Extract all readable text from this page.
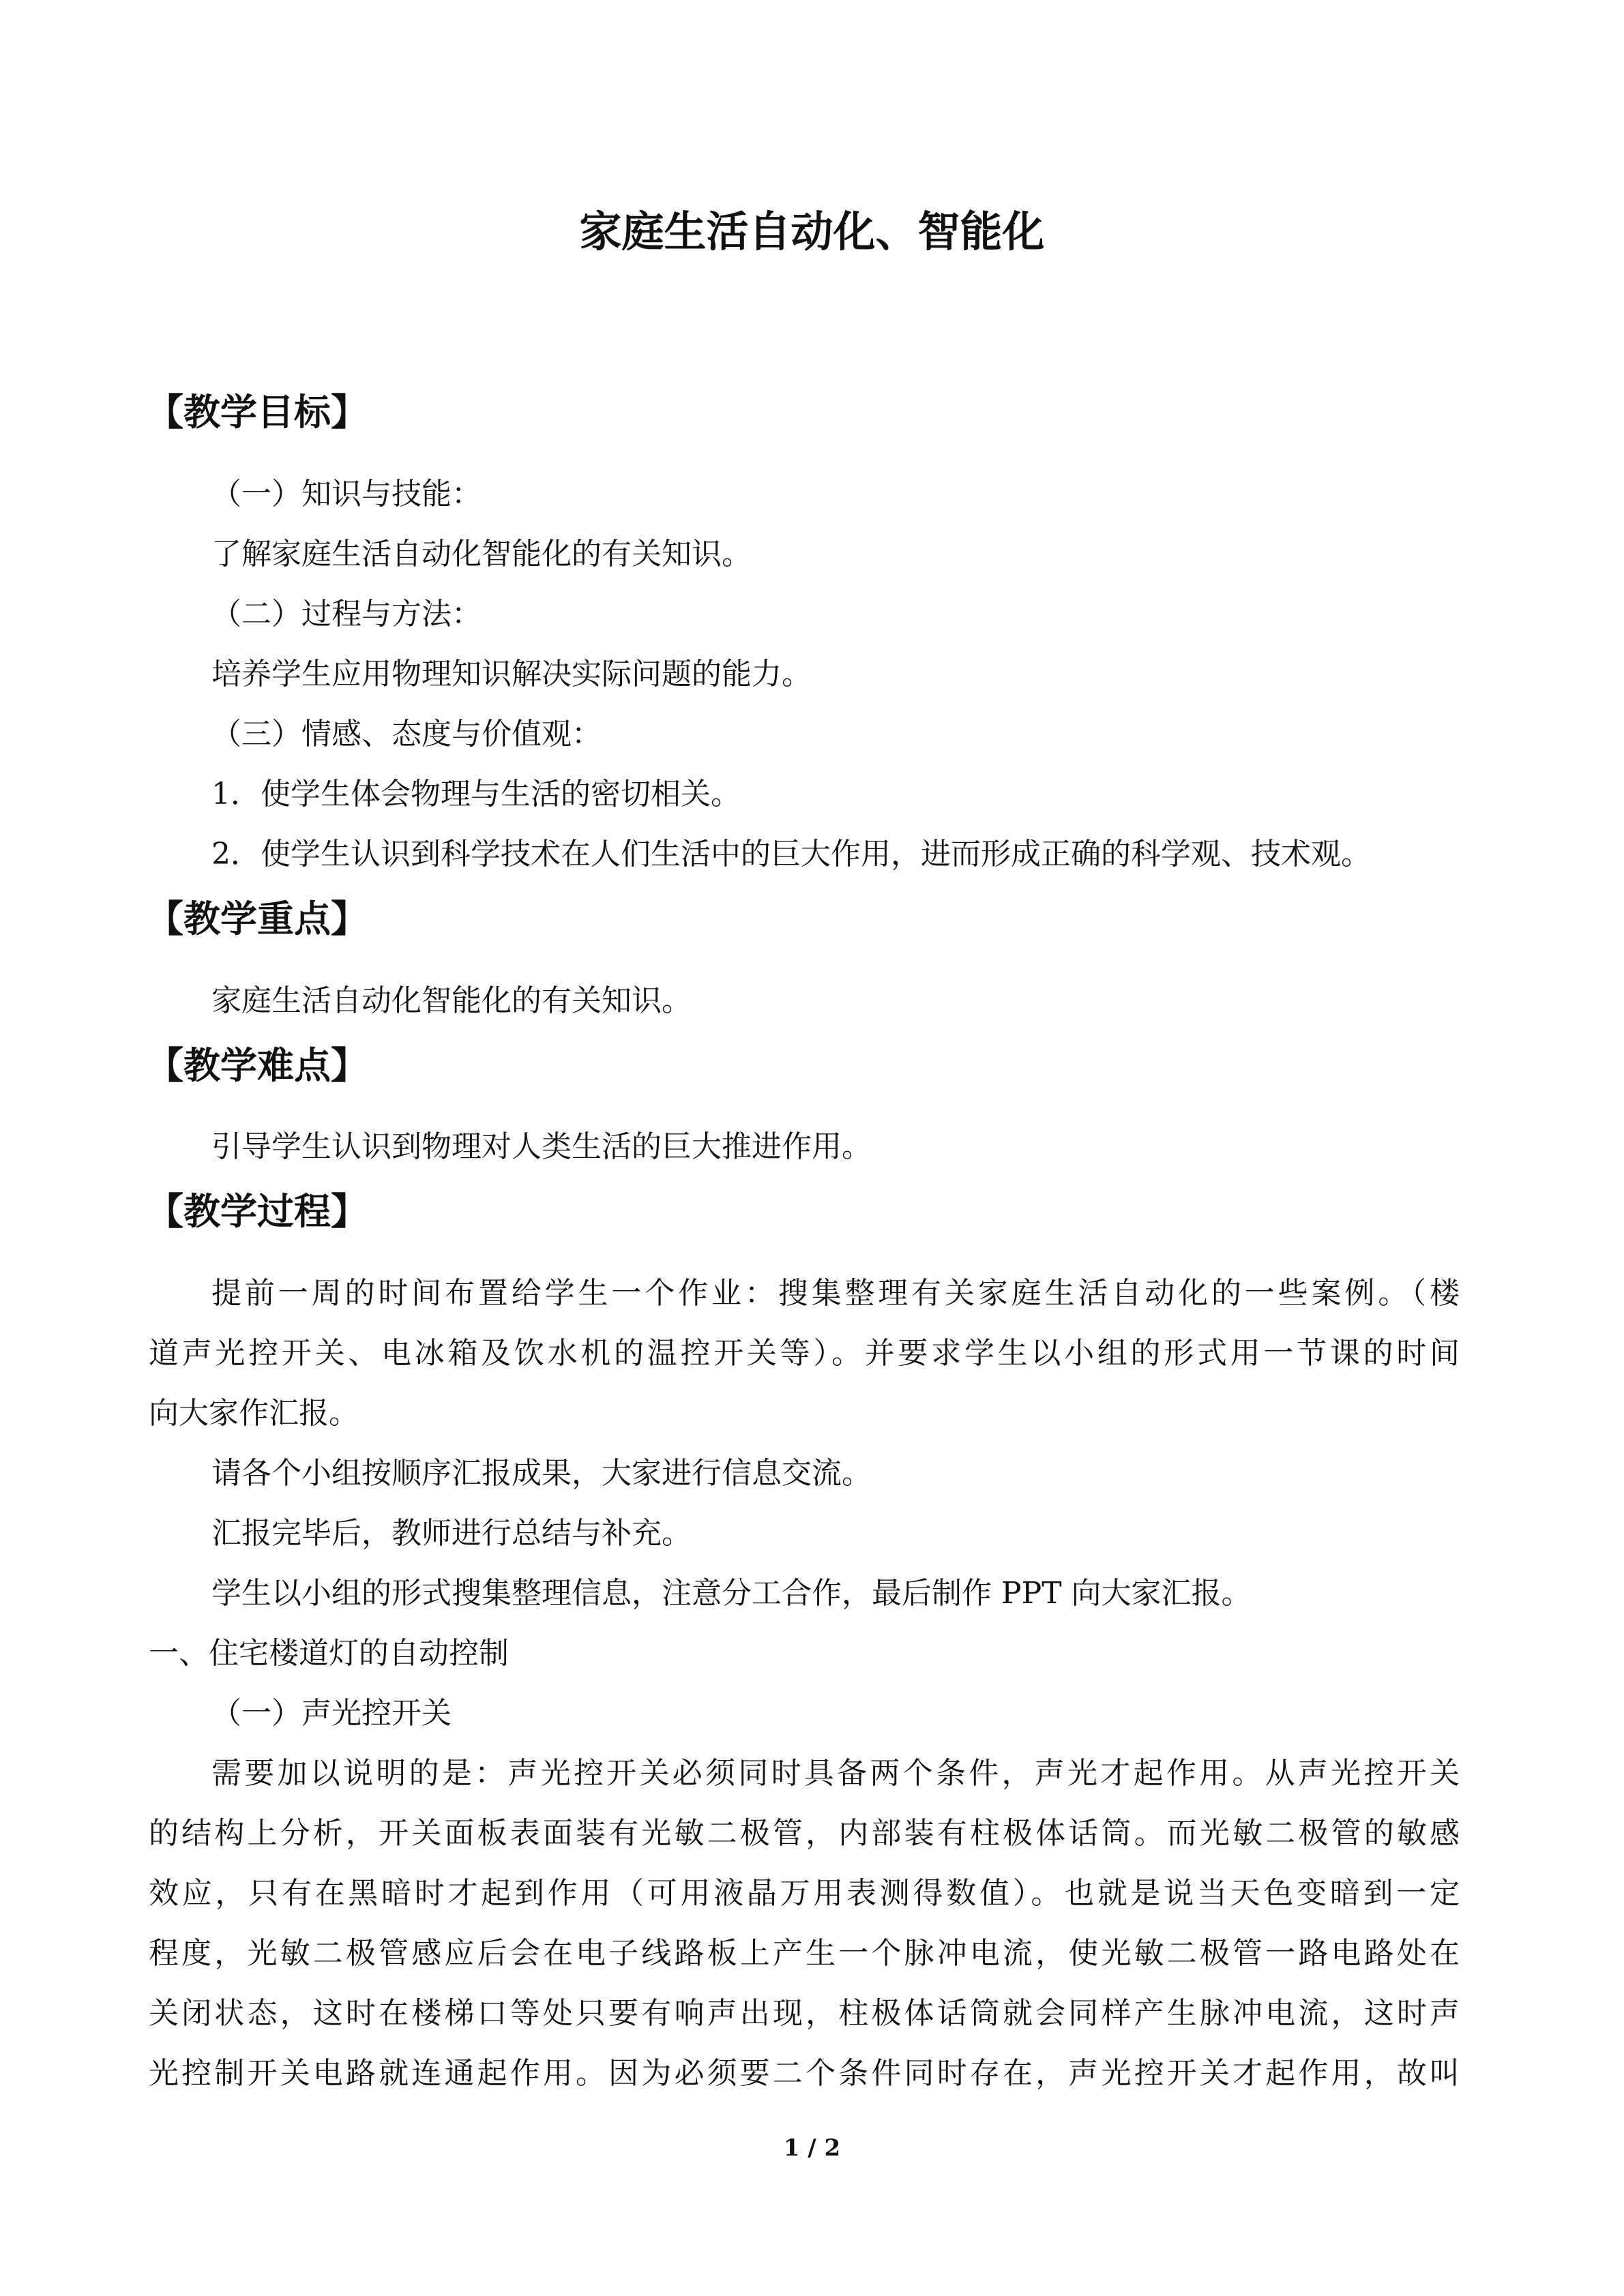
家庭生活自动化、智能化
【教学目标】
（一）知识与技能：
了解家庭生活自动化智能化的有关知识。
（二）过程与方法：
培养学生应用物理知识解决实际问题的能力。
（三）情感、态度与价值观：
1．使学生体会物理与生活的密切相关。
2．使学生认识到科学技术在人们生活中的巨大作用，进而形成正确的科学观、技术观。
【教学重点】
家庭生活自动化智能化的有关知识。
【教学难点】
引导学生认识到物理对人类生活的巨大推进作用。
【教学过程】
提前一周的时间布置给学生一个作业：搜集整理有关家庭生活自动化的一些案例。（楼
道声光控开关、电冰箱及饮水机的温控开关等）。并要求学生以小组的形式用一节课的时间
向大家作汇报。
请各个小组按顺序汇报成果，大家进行信息交流。
汇报完毕后，教师进行总结与补充。
学生以小组的形式搜集整理信息，注意分工合作，最后制作 PPT 向大家汇报。
一、住宅楼道灯的自动控制
（一）声光控开关
需要加以说明的是：声光控开关必须同时具备两个条件，声光才起作用。从声光控开关
的结构上分析，开关面板表面装有光敏二极管，内部装有柱极体话筒。而光敏二极管的敏感
效应，只有在黑暗时才起到作用（可用液晶万用表测得数值）。也就是说当天色变暗到一定
程度，光敏二极管感应后会在电子线路板上产生一个脉冲电流，使光敏二极管一路电路处在
关闭状态，这时在楼梯口等处只要有响声出现，柱极体话筒就会同样产生脉冲电流，这时声
光控制开关电路就连通起作用。因为必须要二个条件同时存在，声光控开关才起作用，故叫
1 / 2
